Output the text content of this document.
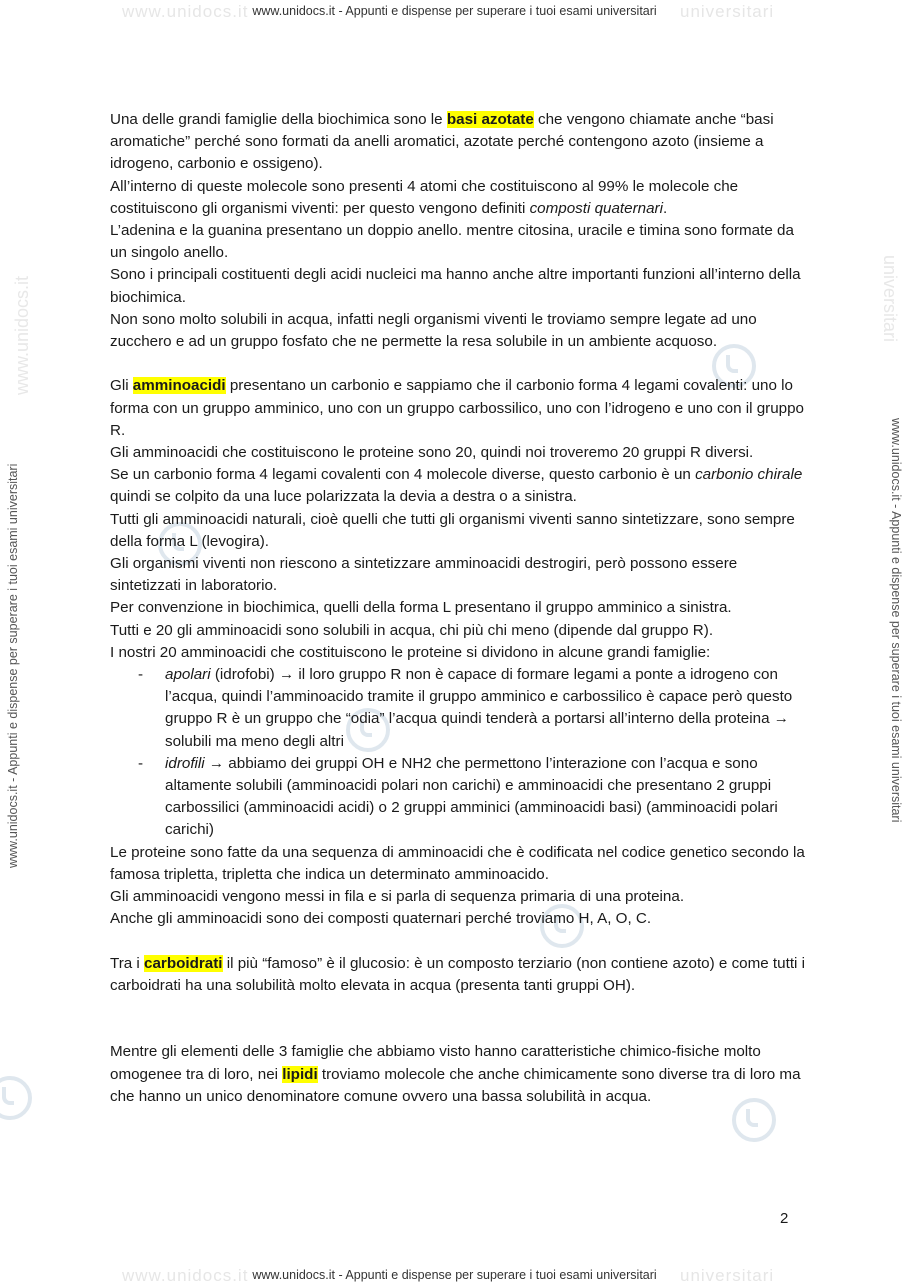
www.unidocs.it	universitari
www.unidocs.it - Appunti e dispense per superare i tuoi esami universitari
www.unidocs.it	universitari
www.unidocs.it - Appunti e dispense per superare i tuoi esami universitari
www.unidocs.it - Appunti e dispense per superare i tuoi esami universitari	www.unidocs.it - Appunti e dispense per superare i tuoi esami universitari
www.unidocs.it	universitari

Una delle grandi famiglie della biochimica sono le basi azotate che vengono chiamate anche “basi aromatiche” perché sono formati da anelli aromatici, azotate perché contengono azoto (insieme a idrogeno, carbonio e ossigeno).

All’interno di queste molecole sono presenti 4 atomi che costituiscono al 99% le molecole che costituiscono gli organismi viventi: per questo vengono definiti composti quaternari.

L’adenina e la guanina presentano un doppio anello. mentre citosina, uracile e timina sono formate da un singolo anello.

Sono i principali costituenti degli acidi nucleici ma hanno anche altre importanti funzioni all’interno della biochimica.

Non sono molto solubili in acqua, infatti negli organismi viventi le troviamo sempre legate ad uno zucchero e ad un gruppo fosfato che ne permette la resa solubile in un ambiente acquoso.

Gli amminoacidi presentano un carbonio e sappiamo che il carbonio forma 4 legami covalenti: uno lo forma con un gruppo amminico, uno con un gruppo carbossilico, uno con l’idrogeno e uno con il gruppo R.

Gli amminoacidi che costituiscono le proteine sono 20, quindi noi troveremo 20 gruppi R diversi.

Se un carbonio forma 4 legami covalenti con 4 molecole diverse, questo carbonio è un carbonio chirale quindi se colpito da una luce polarizzata la devia a destra o a sinistra.

Tutti gli amminoacidi naturali, cioè quelli che tutti gli organismi viventi sanno sintetizzare, sono sempre della forma L (levogira).

Gli organismi viventi non riescono a sintetizzare amminoacidi destrogiri, però possono essere sintetizzati in laboratorio.

Per convenzione in biochimica, quelli della forma L presentano il gruppo amminico a sinistra.

Tutti e 20 gli amminoacidi sono solubili in acqua, chi più chi meno (dipende dal gruppo R).

I nostri 20 amminoacidi che costituiscono le proteine si dividono in alcune grandi famiglie:

- apolari (idrofobi) → il loro gruppo R non è capace di formare legami a ponte a idrogeno con l’acqua, quindi l’amminoacido tramite il gruppo amminico e carbossilico è capace però questo gruppo R è un gruppo che “odia” l’acqua quindi tenderà a portarsi all’interno della proteina → solubili ma meno degli altri
- idrofili → abbiamo dei gruppi OH e NH2 che permettono l’interazione con l’acqua e sono altamente solubili (amminoacidi polari non carichi) e amminoacidi che presentano 2 gruppi carbossilici (amminoacidi acidi) o 2 gruppi amminici (amminoacidi basi) (amminoacidi polari carichi)

Le proteine sono fatte da una sequenza di amminoacidi che è codificata nel codice genetico secondo la famosa tripletta, tripletta che indica un determinato amminoacido.

Gli amminoacidi vengono messi in fila e si parla di sequenza primaria di una proteina.

Anche gli amminoacidi sono dei composti quaternari perché troviamo H, A, O, C.

Tra i carboidrati il più “famoso” è il glucosio: è un composto terziario (non contiene azoto) e come tutti i carboidrati ha una solubilità molto elevata in acqua (presenta tanti gruppi OH).

Mentre gli elementi delle 3 famiglie che abbiamo visto hanno caratteristiche chimico-fisiche molto omogenee tra di loro, nei lipidi troviamo molecole che anche chimicamente sono diverse tra di loro ma che hanno un unico denominatore comune ovvero una bassa solubilità in acqua.

2
